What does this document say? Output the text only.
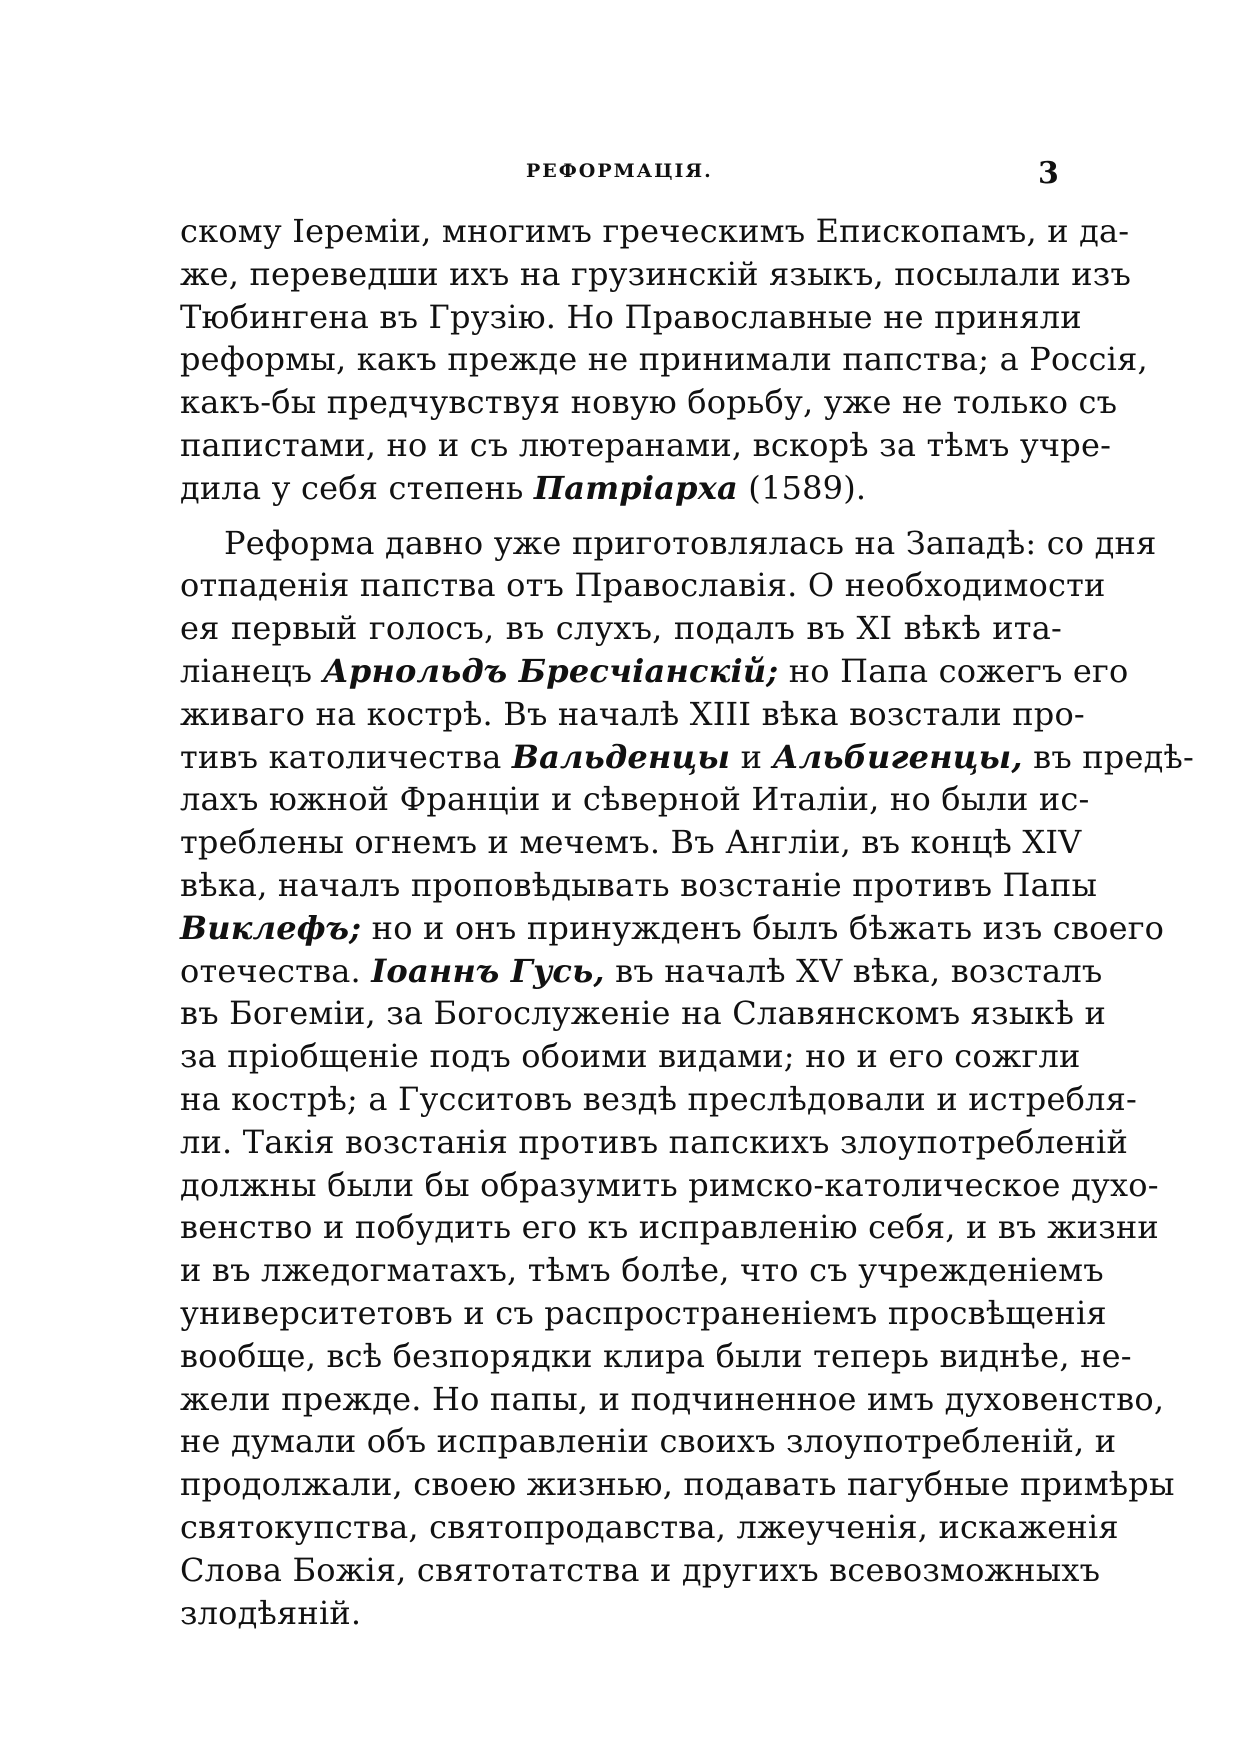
РЕФОРМАЦІЯ.	3
скому Іереміи, многимъ греческимъ Епископамъ, и да-
же, переведши ихъ на грузинскій языкъ, посылали изъ
Тюбингена въ Грузію. Но Православные не приняли
реформы, какъ прежде не принимали папства; а Россія,
какъ-бы предчувствуя новую борьбу, уже не только съ
папистами, но и съ лютеранами, вскорѣ за тѣмъ учре-
дила у себя степень Патріарха (1589).
Реформа давно уже приготовлялась на Западѣ: со дня
отпаденія папства отъ Православія. О необходимости
ея первый голосъ, въ слухъ, подалъ въ XI вѣкѣ ита-
ліанецъ Арнольдъ Бресчіанскій; но Папа сожегъ его
живаго на кострѣ. Въ началѣ XIII вѣка возстали про-
тивъ католичества Вальденцы и Альбигенцы, въ предѣ-
лахъ южной Франціи и сѣверной Италіи, но были ис-
треблены огнемъ и мечемъ. Въ Англіи, въ концѣ XIV
вѣка, началъ проповѣдывать возстаніе противъ Папы
Виклефъ; но и онъ принужденъ былъ бѣжать изъ своего
отечества. Іоаннъ Гусь, въ началѣ XV вѣка, возсталъ
въ Богеміи, за Богослуженіе на Славянскомъ языкѣ и
за пріобщеніе подъ обоими видами; но и его сожгли
на кострѣ; а Гусситовъ вездѣ преслѣдовали и истребля-
ли. Такія возстанія противъ папскихъ злоупотребленій
должны были бы образумить римско-католическое духо-
венство и побудить его къ исправленію себя, и въ жизни
и въ лжедогматахъ, тѣмъ болѣе, что съ учрежденіемъ
университетовъ и съ распространеніемъ просвѣщенія
вообще, всѣ безпорядки клира были теперь виднѣе, не-
жели прежде. Но папы, и подчиненное имъ духовенство,
не думали объ исправленіи своихъ злоупотребленій, и
продолжали, своею жизнью, подавать пагубные примѣры
святокупства, святопродавства, лжеученія, искаженія
Слова Божія, святотатства и другихъ всевозможныхъ
злодѣяній.
